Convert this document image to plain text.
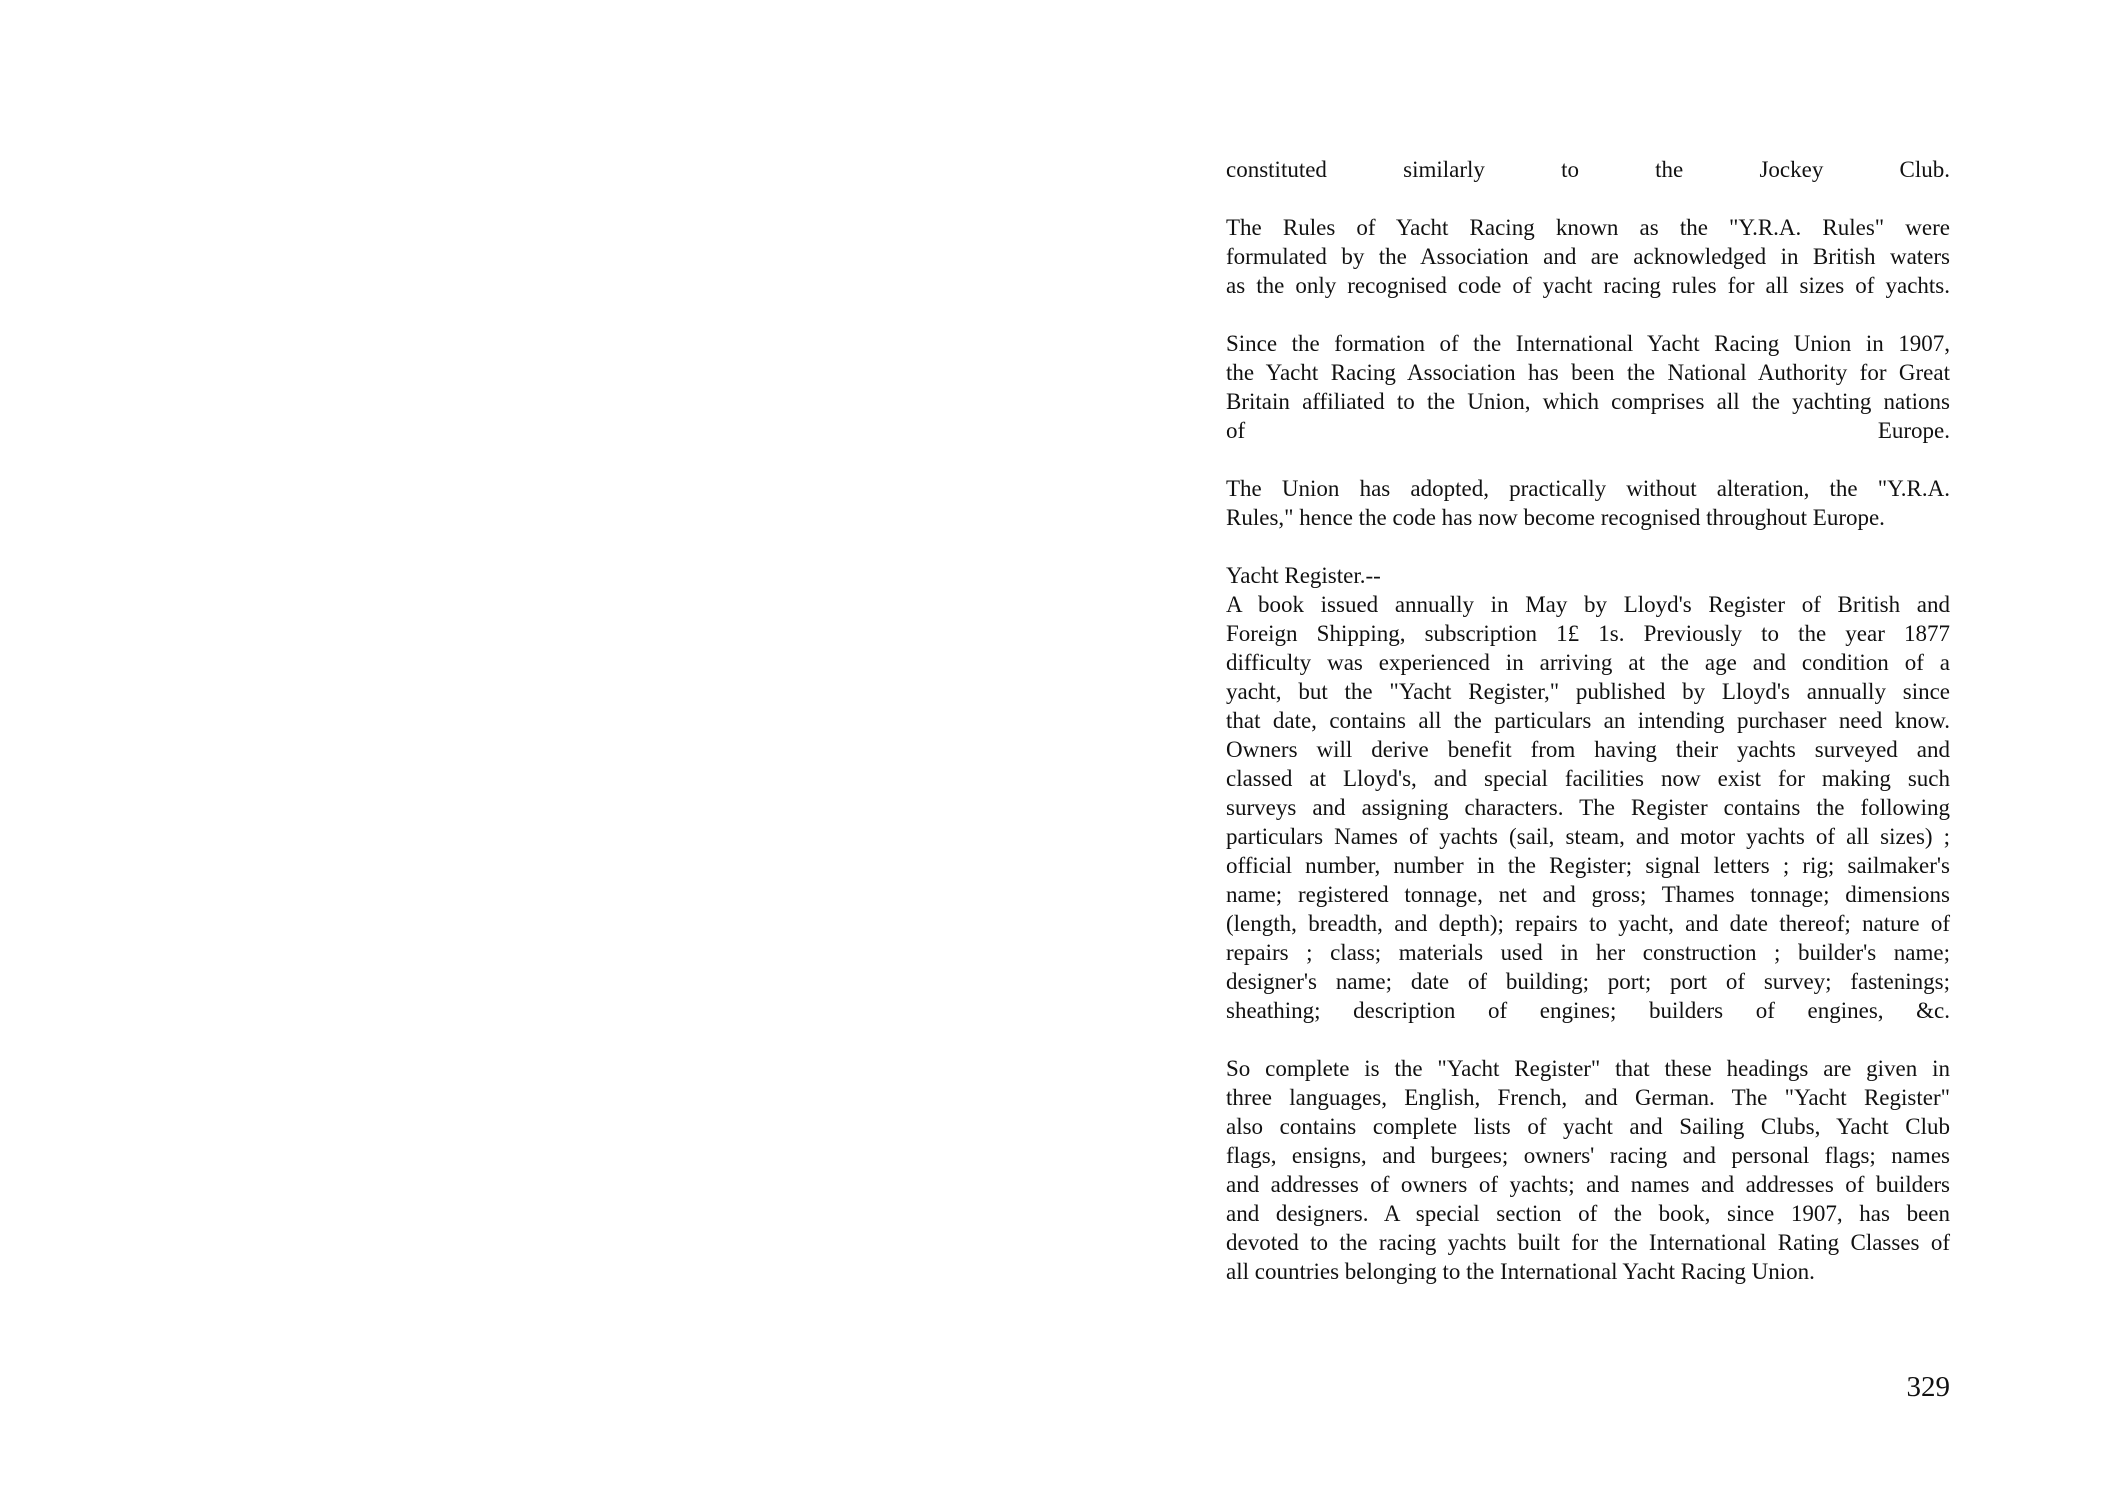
constituted similarly to the Jockey Club.
The Rules of Yacht Racing known as the "Y.R.A. Rules" were
formulated by the Association and are acknowledged in British waters
as the only recognised code of yacht racing rules for all sizes of yachts.
Since the formation of the International Yacht Racing Union in 1907,
the Yacht Racing Association has been the National Authority for Great
Britain affiliated to the Union, which comprises all the yachting nations
of Europe.
The Union has adopted, practically without alteration, the "Y.R.A.
Rules," hence the code has now become recognised throughout Europe.
Yacht Register.--
A book issued annually in May by Lloyd's Register of British and
Foreign Shipping, subscription 1£ 1s. Previously to the year 1877
difficulty was experienced in arriving at the age and condition of a
yacht, but the "Yacht Register," published by Lloyd's annually since
that date, contains all the particulars an intending purchaser need know.
Owners will derive benefit from having their yachts surveyed and
classed at Lloyd's, and special facilities now exist for making such
surveys and assigning characters. The Register contains the following
particulars Names of yachts (sail, steam, and motor yachts of all sizes) ;
official number, number in the Register; signal letters ; rig; sailmaker's
name; registered tonnage, net and gross; Thames tonnage; dimensions
(length, breadth, and depth); repairs to yacht, and date thereof; nature of
repairs ; class; materials used in her construction ; builder's name;
designer's name; date of building; port; port of survey; fastenings;
sheathing; description of engines; builders of engines, &c.
So complete is the "Yacht Register" that these headings are given in
three languages, English, French, and German. The "Yacht Register"
also contains complete lists of yacht and Sailing Clubs, Yacht Club
flags, ensigns, and burgees; owners' racing and personal flags; names
and addresses of owners of yachts; and names and addresses of builders
and designers. A special section of the book, since 1907, has been
devoted to the racing yachts built for the International Rating Classes of
all countries belonging to the International Yacht Racing Union.
329
